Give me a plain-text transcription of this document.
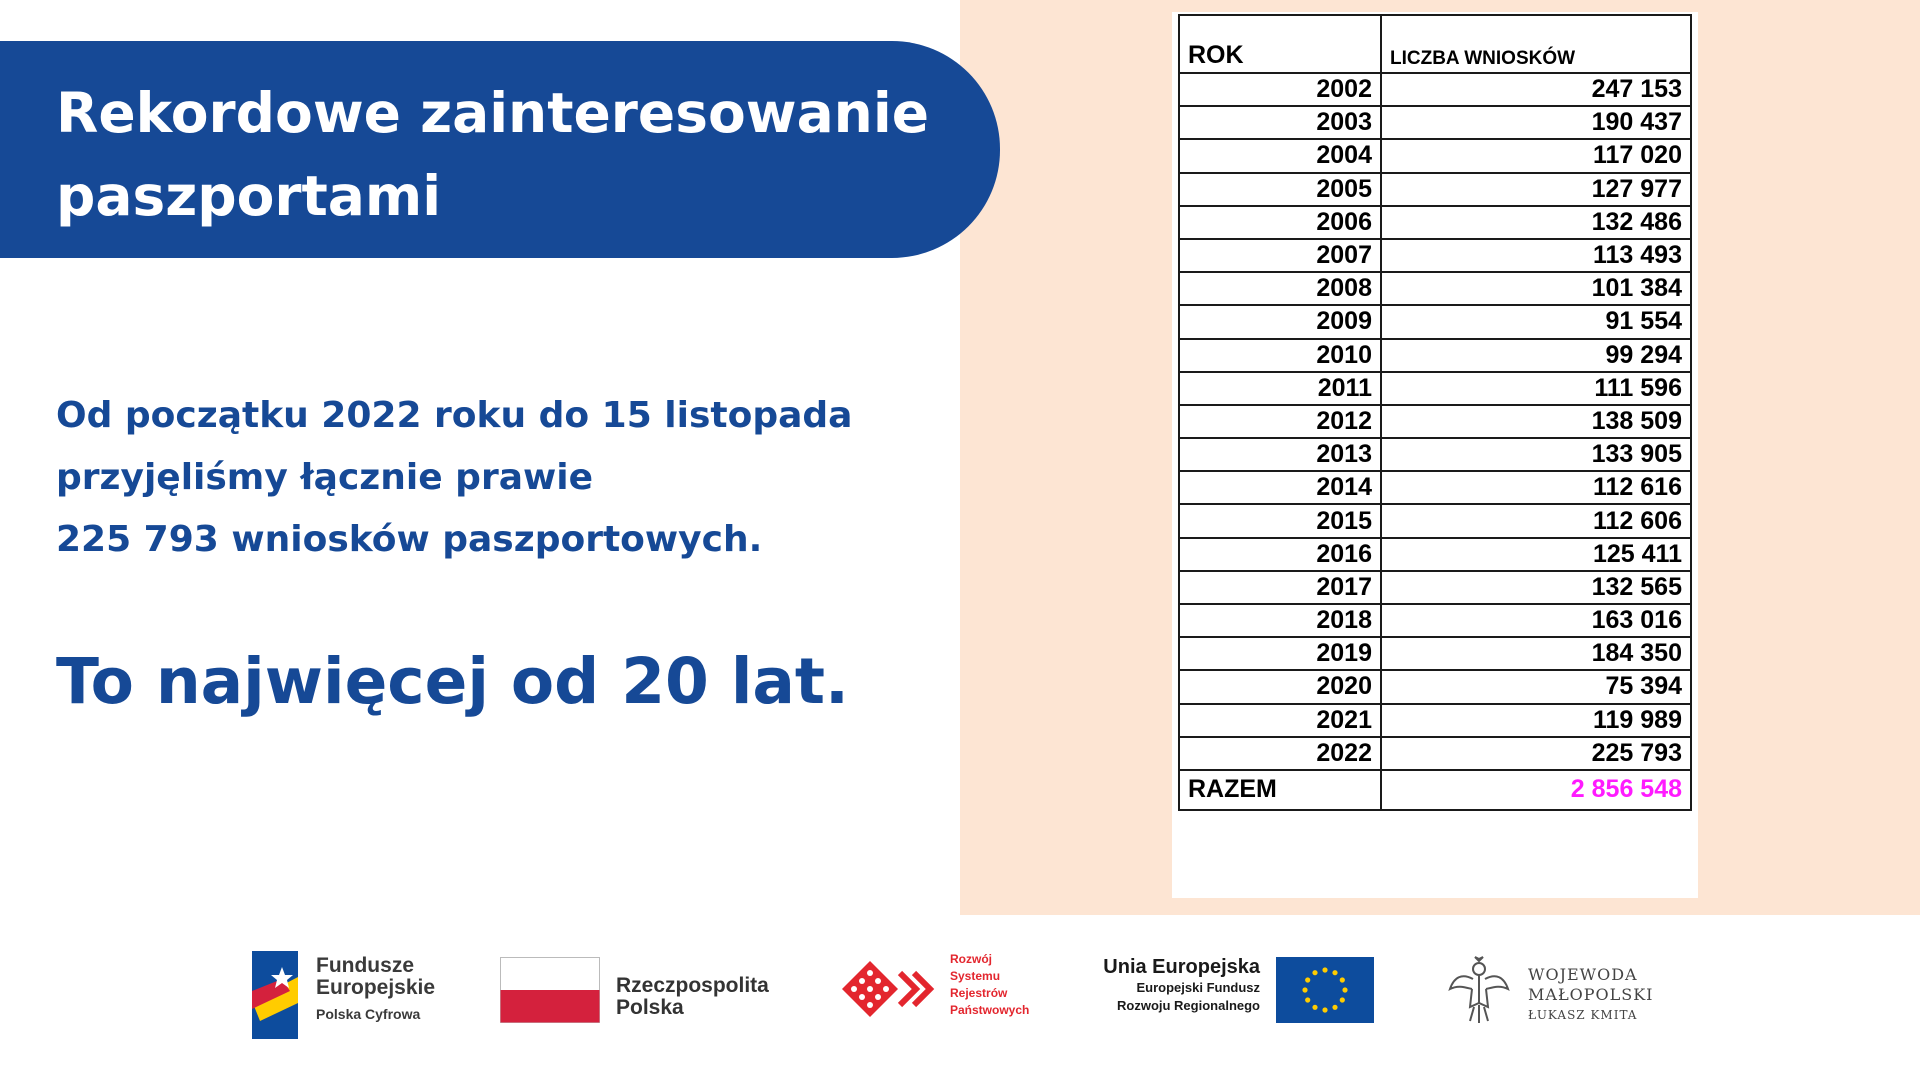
Rekordowe zainteresowanie
paszportami

Od początku 2022 roku do 15 listopada
przyjęliśmy łącznie prawie
225 793 wniosków paszportowych.

To najwięcej od 20 lat.

ROK	LICZBA WNIOSKÓW
2002	247 153
2003	190 437
2004	117 020
2005	127 977
2006	132 486
2007	113 493
2008	101 384
2009	91 554
2010	99 294
2011	111 596
2012	138 509
2013	133 905
2014	112 616
2015	112 606
2016	125 411
2017	132 565
2018	163 016
2019	184 350
2020	75 394
2021	119 989
2022	225 793
RAZEM	2 856 548
Fundusze
Europejskie
Polska Cyfrowa
Rzeczpospolita
Polska
Rozwój
Systemu
Rejestrów
Państwowych
Unia Europejska
Europejski Fundusz
Rozwoju Regionalnego
WOJEWODA
MAŁOPOLSKI
ŁUKASZ KMITA
